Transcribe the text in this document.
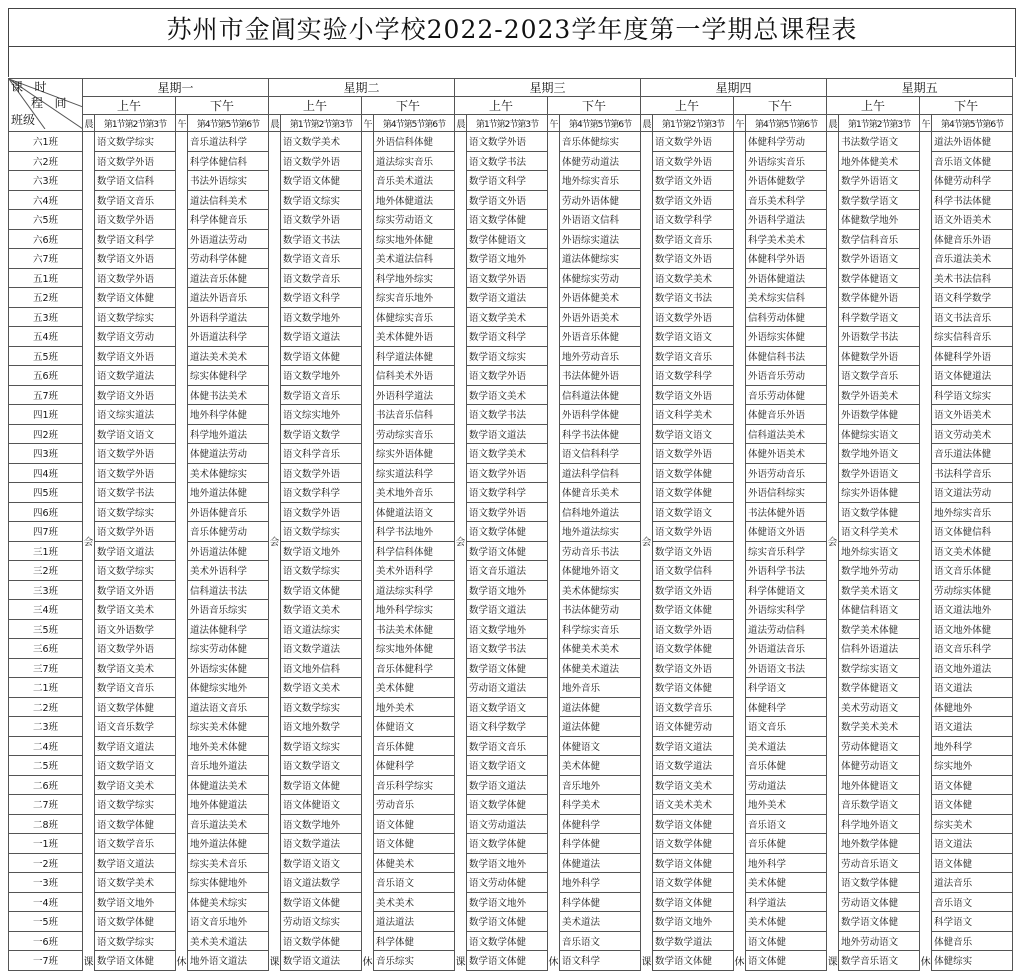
苏州市金阊实验小学校2022-2023学年度第一学期总课程表
课   时
程   间
班级	星期一				星期二				星期三				星期四				星期五			
	上午		下午		上午		下午		上午		下午		上午		下午		上午		下午	
	晨	第1节第2节第3节	午	第4节第5节第6节	晨	第1节第2节第3节	午	第4节第5节第6节	晨	第1节第2节第3节	午	第4节第5节第6节	晨	第1节第2节第3节	午	第4节第5节第6节	晨	第1节第2节第3节	午	第4节第5节第6节
六1班	会	语文数学综实		音乐道法科学	会	语文数学美术		外语信科体健	会	语文数学外语		音乐体健综实	会	语文数学外语		体健科学劳动	会	书法数学语文		道法外语体健
六2班		语文数学外语		科学体健信科		语文数学外语		道法综实音乐		语文数学书法		体健劳动道法		语文数学外语		外语综实音乐		地外体健美术		音乐语文体健
六3班		数学语文信科		书法外语综实		数学语文体健		音乐美术道法		数学语文科学		地外综实音乐		数学语文外语		外语体健数学		数学外语语文		体健劳动科学
六4班		数学语文音乐		道法信科美术		数学语文综实		地外体健道法		数学语文外语		劳动外语体健		数学语文外语		音乐美术科学		数学数学语文		科学书法体健
六5班		语文数学外语		科学体健音乐		语文数学外语		综实劳动语文		语文数学体健		外语语文信科		语文数学科学		外语科学道法		体健数学地外		语文外语美术
六6班		数学语文科学		外语道法劳动		数学语文书法		综实地外体健		数学体健语文		外语综实道法		数学语文音乐		科学美术美术		数学信科音乐		体健音乐外语
六7班		数学语文外语		劳动科学体健		数学语文音乐		美术道法信科		数学语文地外		道法体健综实		数学语文外语		体健科学外语		数学外语语文		音乐道法美术
五1班		语文数学外语		道法音乐体健		语文数学音乐		科学地外综实		语文数学外语		体健综实劳动		语文数学美术		外语体健道法		数学体健语文		美术书法信科
五2班		数学语文体健		道法外语音乐		数学语文科学		综实音乐地外		数学语文道法		外语体健美术		数学语文书法		美术综实信科		数学体健外语		语文科学数学
五3班		语文数学综实		外语科学道法		语文数学地外		体健综实音乐		语文数学美术		外语外语美术		语文数学外语		信科劳动体健		科学数学语文		语文书法音乐
五4班		数学语文劳动		外语道法科学		数学语文道法		美术体健外语		数学语文科学		外语音乐体健		数学语文语文		外语综实体健		外语数学书法		综实信科音乐
五5班		数学语文外语		道法美术美术		数学语文体健		科学道法体健		数学语文综实		地外劳动音乐		数学语文音乐		体健信科书法		体健数学外语		体健科学外语
五6班		语文数学道法		综实体健科学		语文数学地外		信科美术外语		语文数学外语		书法体健外语		语文数学科学		外语音乐劳动		语文数学音乐		语文体健道法
五7班		数学语文外语		体健书法美术		数学语文音乐		外语科学道法		数学语文美术		信科道法体健		数学语文外语		音乐劳动体健		数学外语美术		科学语文综实
四1班		语文综实道法		地外科学体健		语文综实地外		书法音乐信科		语文数学书法		外语科学体健		语文科学美术		体健音乐外语		外语数学体健		语文外语美术
四2班		数学语文语文		科学地外道法		数学语文数学		劳动综实音乐		数学语文道法		科学书法体健		数学语文语文		信科道法美术		体健综实语文		语文劳动美术
四3班		语文数学外语		体健道法劳动		语文科学音乐		综实外语体健		语文数学美术		语文信科科学		语文数学外语		体健外语美术		数学地外语文		音乐道法体健
四4班		语文数学外语		美术体健综实		语文数学外语		综实道法科学		语文数学外语		道法科学信科		语文数学体健		外语劳动音乐		数学外语语文		书法科学音乐
四5班		语文数学书法		地外道法体健		语文数学科学		美术地外音乐		语文数学科学		体健音乐美术		语文数学体健		外语信科综实		综实外语体健		语文道法劳动
四6班		语文数学综实		外语体健音乐		语文数学外语		体健道法语文		语文数学外语		信科地外道法		语文数学语文		书法体健外语		语文数学体健		地外综实音乐
四7班		语文数学外语		音乐体健劳动		语文数学综实		科学书法地外		语文数学体健		地外道法综实		语文数学外语		体健语文外语		语文科学美术		语文体健信科
三1班		数学语文道法		外语道法体健		数学语文地外		科学信科体健		数学语文体健		劳动音乐书法		数学语文外语		综实音乐科学		地外综实语文		语文美术体健
三2班		语文数学综实		美术外语科学		语文数学综实		美术外语科学		语文音乐道法		体健地外语文		语文数学信科		外语科学书法		数学地外劳动		语文音乐体健
三3班		数学语文外语		信科道法书法		数学语文体健		道法综实科学		数学语文地外		美术体健综实		数学语文外语		科学体健语文		数学美术语文		劳动综实体健
三4班		数学语文美术		外语音乐综实		数学语文美术		地外科学综实		数学语文道法		书法体健劳动		数学语文体健		外语综实科学		体健信科语文		语文道法地外
三5班		语文外语数学		道法体健科学		语文道法综实		书法美术体健		语文数学地外		科学综实音乐		语文数学外语		道法劳动信科		数学美术体健		语文地外体健
三6班		语文数学外语		综实劳动体健		语文数学道法		综实地外体健		语文数学书法		体健美术美术		语文数学体健		外语道法音乐		信科外语道法		语文音乐科学
三7班		数学语文美术		外语综实体健		语文地外信科		音乐体健科学		数学语文体健		体健美术道法		数学语文外语		外语语文书法		数学综实语文		语文地外道法
二1班		数学语文音乐		体健综实地外		数学语文美术		美术体健		劳动语文道法		地外音乐		数学语文体健		科学语文		数学体健语文		语文道法
二2班		语文数学体健		道法语文音乐		语文数学综实		地外美术		语文数学语文		道法体健		语文数学音乐		体健科学		美术劳动语文		体健地外
二3班		语文音乐数学		综实美术体健		语文地外数学		体健语文		语文科学数学		道法体健		语文体健劳动		语文音乐		数学美术美术		语文道法
二4班		数学语文道法		地外美术体健		数学语文综实		音乐体健		数学语文音乐		体健语文		数学语文道法		美术道法		劳动体健语文		地外科学
二5班		语文数学语文		音乐地外道法		语文数学语文		体健科学		语文数学语文		美术体健		语文数学道法		音乐体健		体健劳动语文		综实地外
二6班		数学语文美术		体健道法美术		数学语文体健		音乐科学综实		数学语文道法		音乐地外		数学语文美术		劳动道法		地外体健语文		语文体健
二7班		语文数学综实		地外体健道法		语文体健语文		劳动音乐		语文数学体健		科学美术		语文美术美术		地外美术		音乐数学语文		语文体健
二8班		语文数学体健		音乐道法美术		语文数学地外		语文体健		语文劳动道法		体健科学		数学语文体健		音乐语文		科学地外语文		综实美术
一1班		语文数学音乐		地外道法体健		语文数学道法		语文体健		语文数学体健		科学体健		语文数学体健		音乐体健		地外数学体健		语文道法
一2班		数学语文道法		综实美术音乐		数学语文语文		体健美术		数学语文地外		体健道法		数学语文体健		地外科学		劳动音乐语文		语文体健
一3班		语文数学美术		综实体健地外		语文道法数学		音乐语文		语文劳动体健		地外科学		语文数学体健		美术体健		语文数学体健		道法音乐
一4班		数学语文地外		体健美术综实		数学语文体健		美术美术		数学语文地外		科学体健		数学语文体健		科学道法		劳动语文体健		音乐语文
一5班		语文数学体健		语文音乐地外		劳动语文综实		道法道法		数学语文体健		美术道法		数学语文地外		美术体健		数学语文体健		科学语文
一6班		语文数学综实		美术美术道法		语文数学体健		科学体健		语文数学体健		音乐语文		数学数学道法		语文体健		地外劳动语文		体健音乐
一7班	课	数学语文体健	休	地外语文道法	课	数学语文道法	休	音乐综实	课	数学语文体健	休	语文科学	课	数学语文体健	休	语文体健	课	数学音乐语文	休	体健综实
